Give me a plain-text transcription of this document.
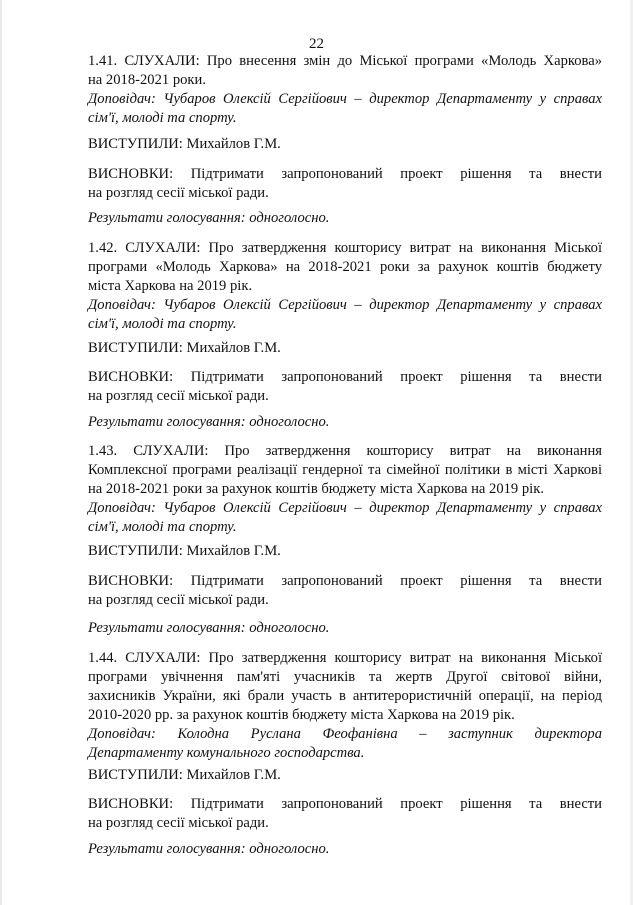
22
1.41. СЛУХАЛИ: Про внесення змін до Міської програми «Молодь Харкова»
на 2018-2021 роки.
Доповідач: Чубаров Олексій Сергійович – директор Департаменту у справах
сім'ї, молоді та спорту.
ВИСТУПИЛИ: Михайлов Г.М.
ВИСНОВКИ: Підтримати запропонований проект рішення та внести
на розгляд сесії міської ради.
Результати голосування: одноголосно.
1.42. СЛУХАЛИ: Про затвердження кошторису витрат на виконання Міської
програми «Молодь Харкова» на 2018-2021 роки за рахунок коштів бюджету
міста Харкова на 2019 рік.
Доповідач: Чубаров Олексій Сергійович – директор Департаменту у справах
сім'ї, молоді та спорту.
ВИСТУПИЛИ: Михайлов Г.М.
ВИСНОВКИ: Підтримати запропонований проект рішення та внести
на розгляд сесії міської ради.
Результати голосування: одноголосно.
1.43. СЛУХАЛИ: Про затвердження кошторису витрат на виконання
Комплексної програми реалізації гендерної та сімейної політики в місті Харкові
на 2018-2021 роки за рахунок коштів бюджету міста Харкова на 2019 рік.
Доповідач: Чубаров Олексій Сергійович – директор Департаменту у справах
сім'ї, молоді та спорту.
ВИСТУПИЛИ: Михайлов Г.М.
ВИСНОВКИ: Підтримати запропонований проект рішення та внести
на розгляд сесії міської ради.
Результати голосування: одноголосно.
1.44. СЛУХАЛИ: Про затвердження кошторису витрат на виконання Міської
програми увічнення пам'яті учасників та жертв Другої світової війни,
захисників України, які брали участь в антитерористичній операції, на період
2010-2020 рр. за рахунок коштів бюджету міста Харкова на 2019 рік.
Доповідач: Колодна Руслана Феофанівна – заступник директора
Департаменту комунального господарства.
ВИСТУПИЛИ: Михайлов Г.М.
ВИСНОВКИ: Підтримати запропонований проект рішення та внести
на розгляд сесії міської ради.
Результати голосування: одноголосно.
